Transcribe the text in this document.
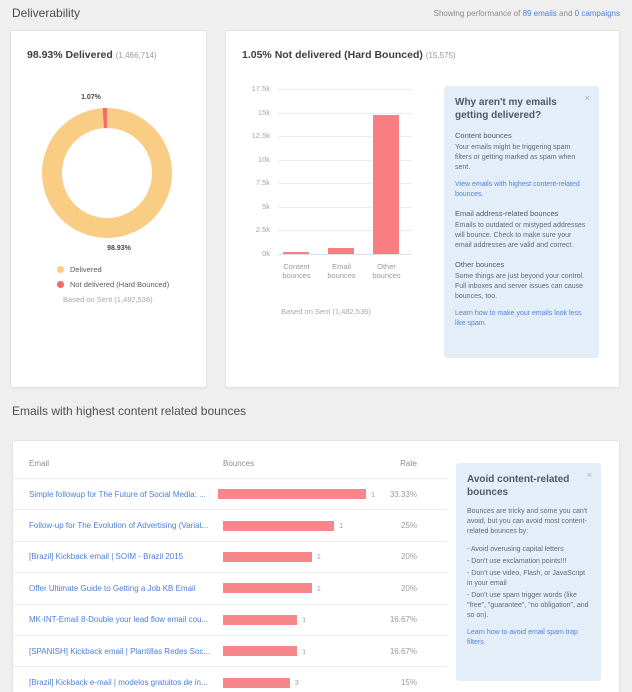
Deliverability	Showing performance of 89 emails and 0 campaigns
98.93% Delivered (1,466,714)
1.07%
98.93%
Delivered
Not delivered (Hard Bounced)
Based on Sent (1,482,536)
1.05% Not delivered (Hard Bounced) (15,575)
17.5k
15k
12.5k
10k
7.5k
5k
2.5k
0k
Content bounces
Email bounces
Other bounces
Based on Sent (1,482,536)
×
Why aren't my emails getting delivered?
Content bounces
Your emails might be triggering spam filters or getting marked as spam when sent.
View emails with highest content-related bounces.
Email address-related bounces
Emails to outdated or mistyped addresses will bounce. Check to make sure your email addresses are valid and correct.
Other bounces
Some things are just beyond your control. Full inboxes and server issues can cause bounces, too.
Learn how to make your emails look less like spam.
Emails with highest content related bounces
Email	Bounces	Rate
Simple followup for The Future of Social Media: ...	1	33.33%
Follow-up for The Evolution of Advertising (Variat...	1	25%
[Brazil] Kickback email | SOIM - Brazil 2015	1	20%
Offer Ultimate Guide to Getting a Job KB Email	1	20%
MK-INT-Email 8-Double your lead flow email cou...	1	16.67%
[SPANISH] Kickback email | Plantillas Redes Soc...	1	16.67%
[Brazil] Kickback e-mail | modelos gratuitos de in...	3	15%
×
Avoid content-related bounces
Bounces are tricky and some you can't avoid, but you can avoid most content-related bounces by:
- Avoid overusing capital letters
- Don't use exclamation points!!!
- Don't use video, Flash, or JavaScript in your email
- Don't use spam trigger words (like "free", "guarantee", "no obligation", and so on).
Learn how to avoid email spam trap filters.
